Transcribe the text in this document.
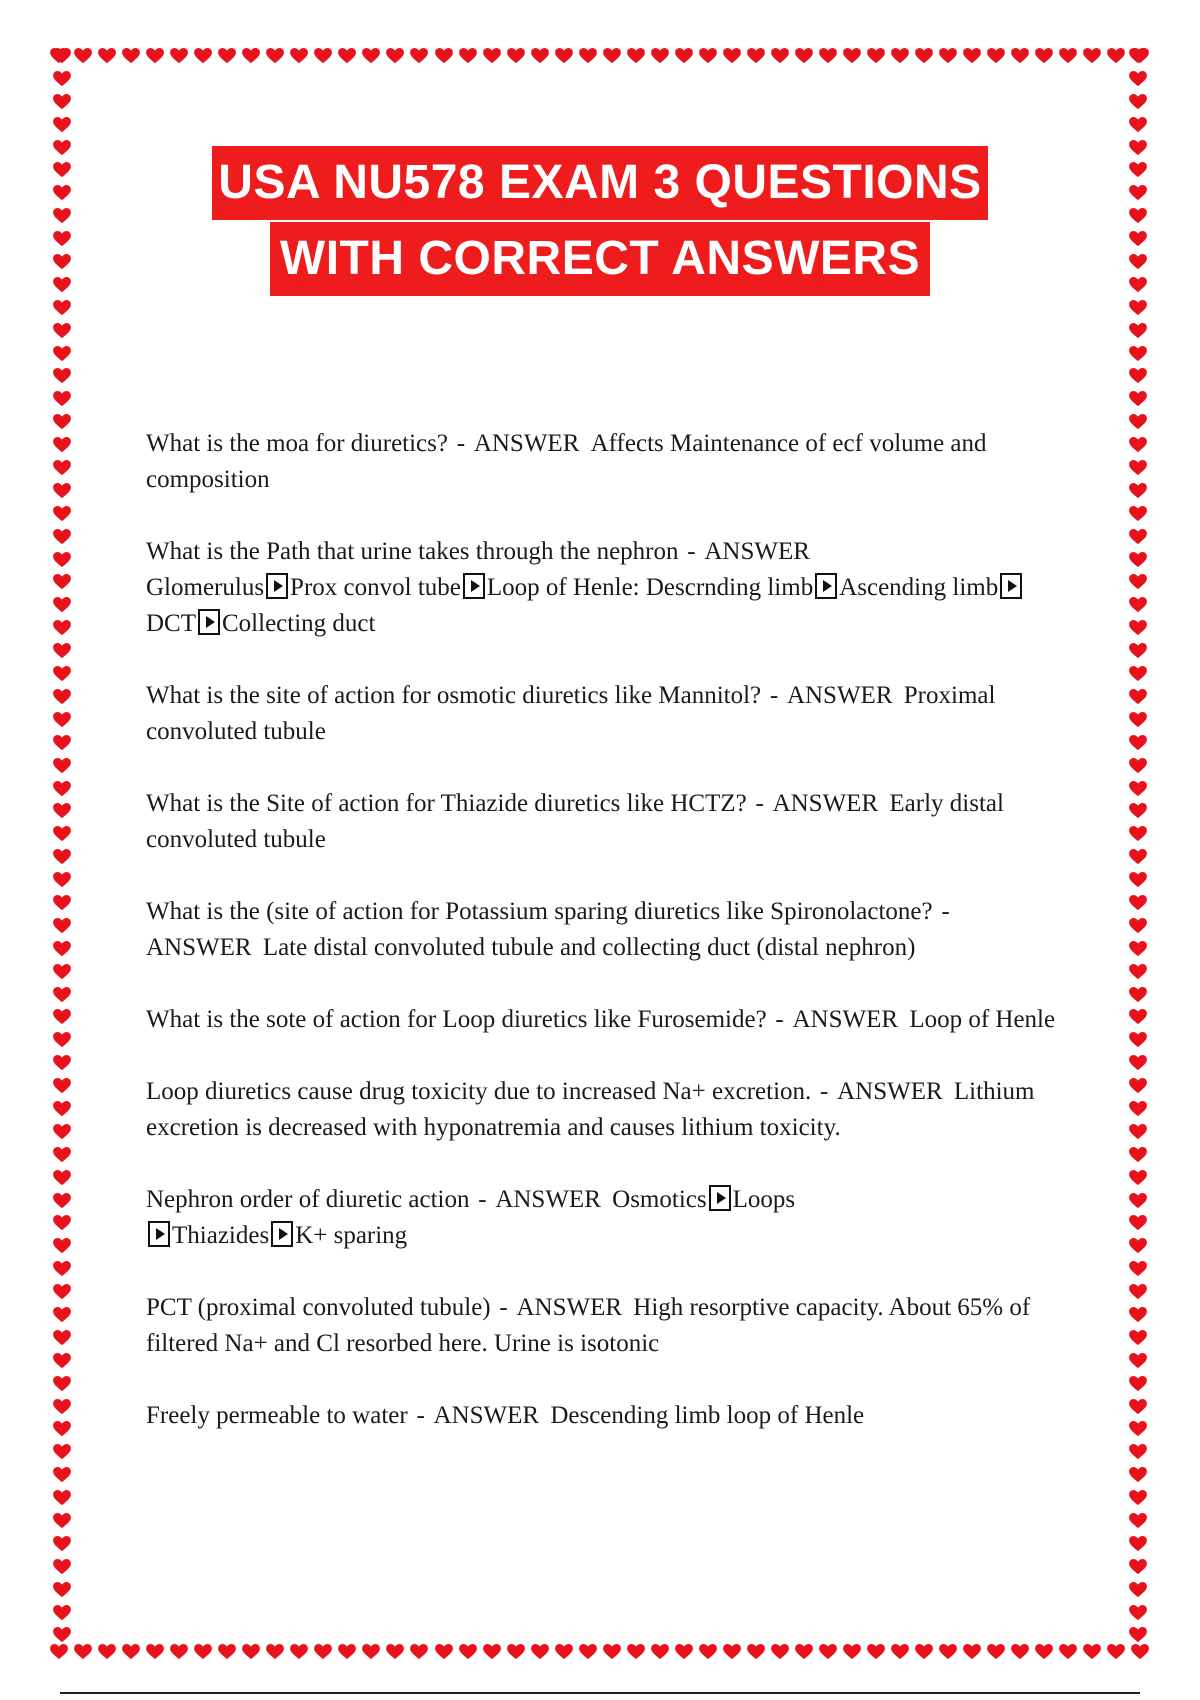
USA NU578 EXAM 3 QUESTIONS
WITH CORRECT ANSWERS

What is the moa for diuretics? - ANSWER Affects Maintenance of ecf volume and composition

What is the Path that urine takes through the nephron - ANSWER
Glomerulus Prox convol tube Loop of Henle: Descrnding limb Ascending limbDCT Collecting duct

What is the site of action for osmotic diuretics like Mannitol? - ANSWER Proximal convoluted tubule

What is the Site of action for Thiazide diuretics like HCTZ? - ANSWER Early distal convoluted tubule

What is the (site of action for Potassium sparing diuretics like Spironolactone? -ANSWER Late distal convoluted tubule and collecting duct (distal nephron)

What is the sote of action for Loop diuretics like Furosemide? - ANSWER Loop of Henle

Loop diuretics cause drug toxicity due to increased Na+ excretion. - ANSWER Lithium excretion is decreased with hyponatremia and causes lithium toxicity.

Nephron order of diuretic action - ANSWER Osmotics Loops
Thiazides K+ sparing

PCT (proximal convoluted tubule) - ANSWER High resorptive capacity. About 65% of filtered Na+ and Cl resorbed here. Urine is isotonic

Freely permeable to water - ANSWER Descending limb loop of Henle
